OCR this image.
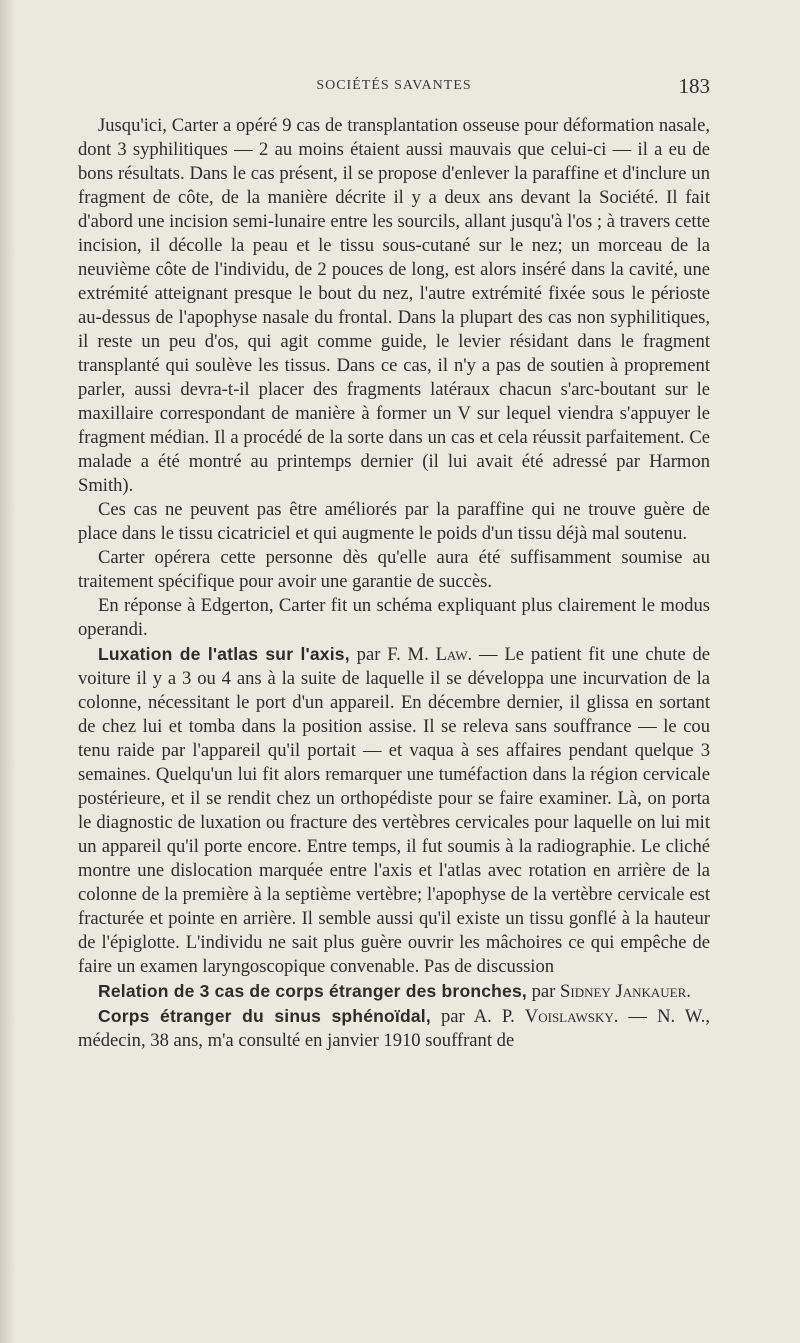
SOCIÉTÉS SAVANTES	183

Jusqu'ici, Carter a opéré 9 cas de transplantation osseuse pour déformation nasale, dont 3 syphilitiques — 2 au moins étaient aussi mauvais que celui-ci — il a eu de bons résultats. Dans le cas présent, il se propose d'enlever la paraffine et d'inclure un fragment de côte, de la manière décrite il y a deux ans devant la Société. Il fait d'abord une incision semi-lunaire entre les sourcils, allant jusqu'à l'os ; à travers cette incision, il décolle la peau et le tissu sous-cutané sur le nez; un morceau de la neuvième côte de l'individu, de 2 pouces de long, est alors inséré dans la cavité, une extrémité atteignant presque le bout du nez, l'autre extrémité fixée sous le périoste au-dessus de l'apophyse nasale du frontal. Dans la plupart des cas non syphilitiques, il reste un peu d'os, qui agit comme guide, le levier résidant dans le fragment transplanté qui soulève les tissus. Dans ce cas, il n'y a pas de soutien à proprement parler, aussi devra-t-il placer des fragments latéraux chacun s'arc-boutant sur le maxillaire correspondant de manière à former un V sur lequel viendra s'appuyer le fragment médian. Il a procédé de la sorte dans un cas et cela réussit parfaitement. Ce malade a été montré au printemps dernier (il lui avait été adressé par Harmon Smith).

Ces cas ne peuvent pas être améliorés par la paraffine qui ne trouve guère de place dans le tissu cicatriciel et qui augmente le poids d'un tissu déjà mal soutenu.

Carter opérera cette personne dès qu'elle aura été suffisamment soumise au traitement spécifique pour avoir une garantie de succès.

En réponse à Edgerton, Carter fit un schéma expliquant plus clairement le modus operandi.

Luxation de l'atlas sur l'axis, par F. M. Law. — Le patient fit une chute de voiture il y a 3 ou 4 ans à la suite de laquelle il se développa une incurvation de la colonne, nécessitant le port d'un appareil. En décembre dernier, il glissa en sortant de chez lui et tomba dans la position assise. Il se releva sans souffrance — le cou tenu raide par l'appareil qu'il portait — et vaqua à ses affaires pendant quelque 3 semaines. Quelqu'un lui fit alors remarquer une tuméfaction dans la région cervicale postérieure, et il se rendit chez un orthopédiste pour se faire examiner. Là, on porta le diagnostic de luxation ou fracture des vertèbres cervicales pour laquelle on lui mit un appareil qu'il porte encore. Entre temps, il fut soumis à la radiographie. Le cliché montre une dislocation marquée entre l'axis et l'atlas avec rotation en arrière de la colonne de la première à la septième vertèbre; l'apophyse de la vertèbre cervicale est fracturée et pointe en arrière. Il semble aussi qu'il existe un tissu gonflé à la hauteur de l'épiglotte. L'individu ne sait plus guère ouvrir les mâchoires ce qui empêche de faire un examen laryngoscopique convenable. Pas de discussion

Relation de 3 cas de corps étranger des bronches, par Sidney Jankauer.

Corps étranger du sinus sphénoïdal, par A. P. Voislawsky. — N. W., médecin, 38 ans, m'a consulté en janvier 1910 souffrant de
